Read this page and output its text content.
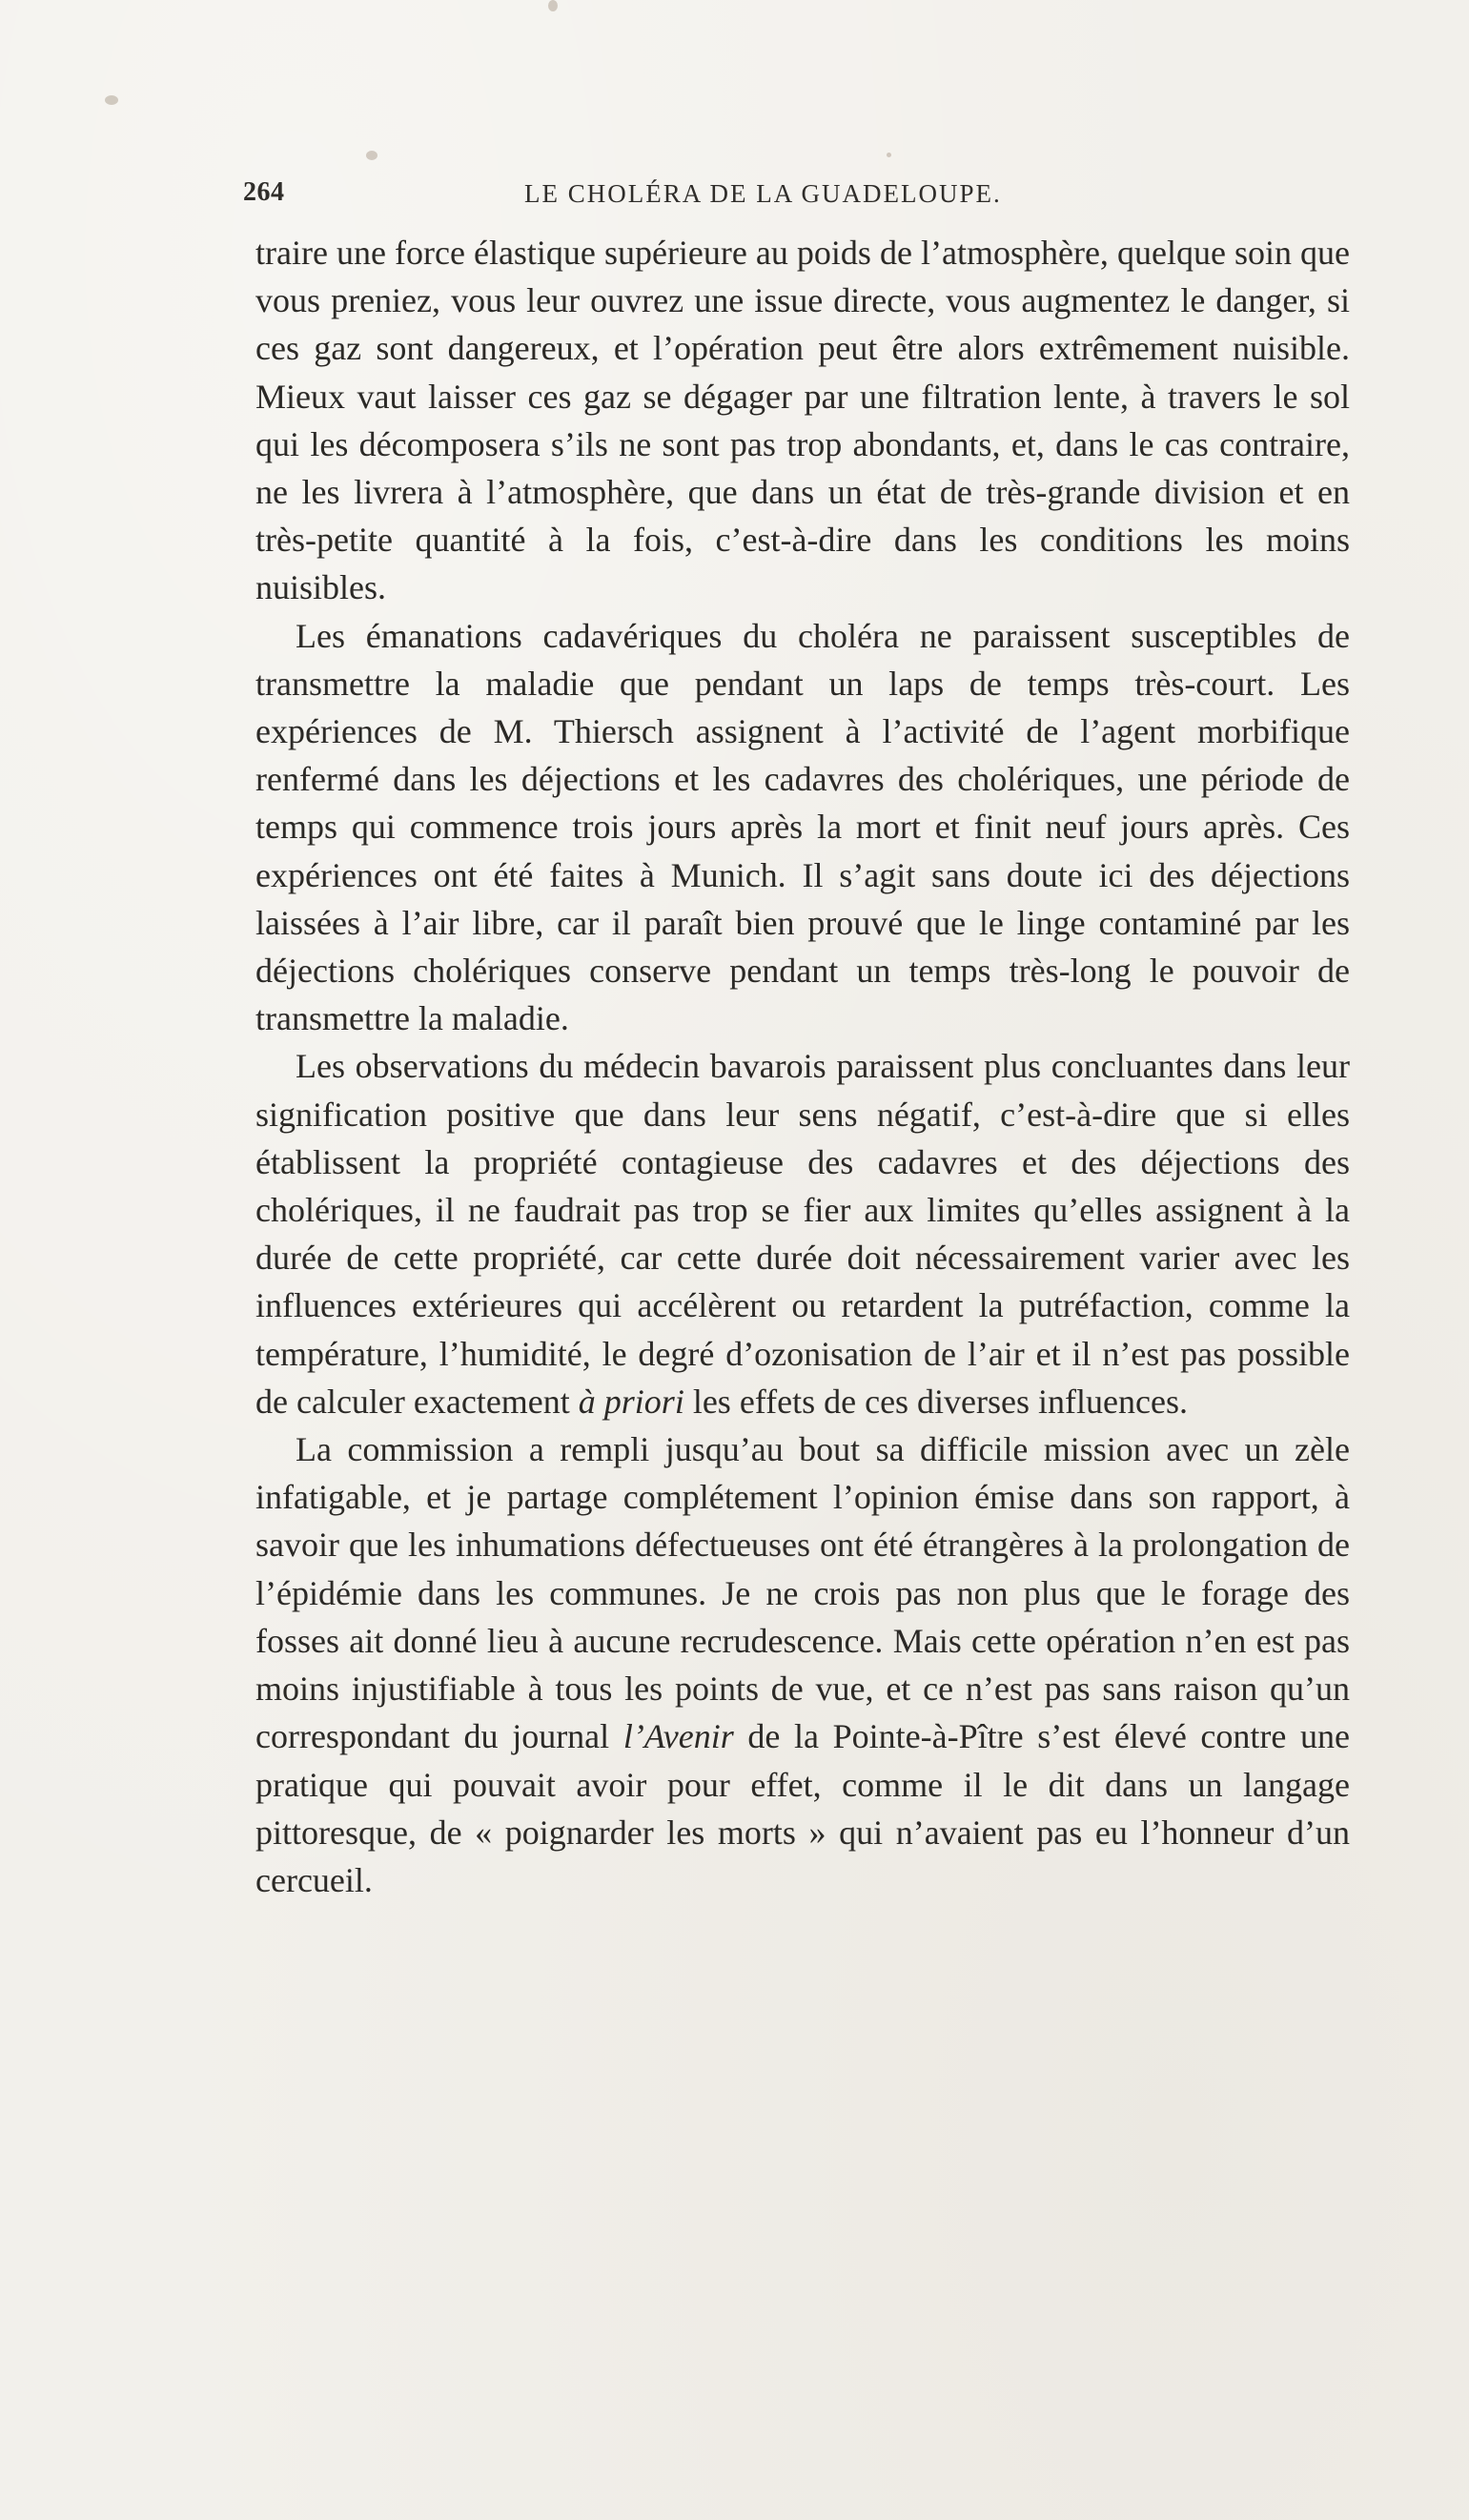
264	LE CHOLÉRA DE LA GUADELOUPE.

traire une force élastique supérieure au poids de l’atmosphère, quelque soin que vous preniez, vous leur ouvrez une issue directe, vous augmentez le danger, si ces gaz sont dangereux, et l’opération peut être alors extrêmement nuisible. Mieux vaut laisser ces gaz se dégager par une filtration lente, à travers le sol qui les décomposera s’ils ne sont pas trop abondants, et, dans le cas contraire, ne les livrera à l’atmosphère, que dans un état de très-grande division et en très-petite quantité à la fois, c’est-à-dire dans les conditions les moins nuisibles.

Les émanations cadavériques du choléra ne paraissent susceptibles de transmettre la maladie que pendant un laps de temps très-court. Les expériences de M. Thiersch assignent à l’activité de l’agent morbifique renfermé dans les déjections et les cadavres des cholériques, une période de temps qui commence trois jours après la mort et finit neuf jours après. Ces expériences ont été faites à Munich. Il s’agit sans doute ici des déjections laissées à l’air libre, car il paraît bien prouvé que le linge contaminé par les déjections cholériques conserve pendant un temps très-long le pouvoir de transmettre la maladie.

Les observations du médecin bavarois paraissent plus concluantes dans leur signification positive que dans leur sens négatif, c’est-à-dire que si elles établissent la propriété contagieuse des cadavres et des déjections des cholériques, il ne faudrait pas trop se fier aux limites qu’elles assignent à la durée de cette propriété, car cette durée doit nécessairement varier avec les influences extérieures qui accélèrent ou retardent la putréfaction, comme la température, l’humidité, le degré d’ozonisation de l’air et il n’est pas possible de calculer exactement à priori les effets de ces diverses influences.

La commission a rempli jusqu’au bout sa difficile mission avec un zèle infatigable, et je partage complétement l’opinion émise dans son rapport, à savoir que les inhumations défectueuses ont été étrangères à la prolongation de l’épidémie dans les communes. Je ne crois pas non plus que le forage des fosses ait donné lieu à aucune recrudescence. Mais cette opération n’en est pas moins injustifiable à tous les points de vue, et ce n’est pas sans raison qu’un correspondant du journal l’Avenir de la Pointe-à-Pître s’est élevé contre une pratique qui pouvait avoir pour effet, comme il le dit dans un langage pittoresque, de « poignarder les morts » qui n’avaient pas eu l’honneur d’un cercueil.
